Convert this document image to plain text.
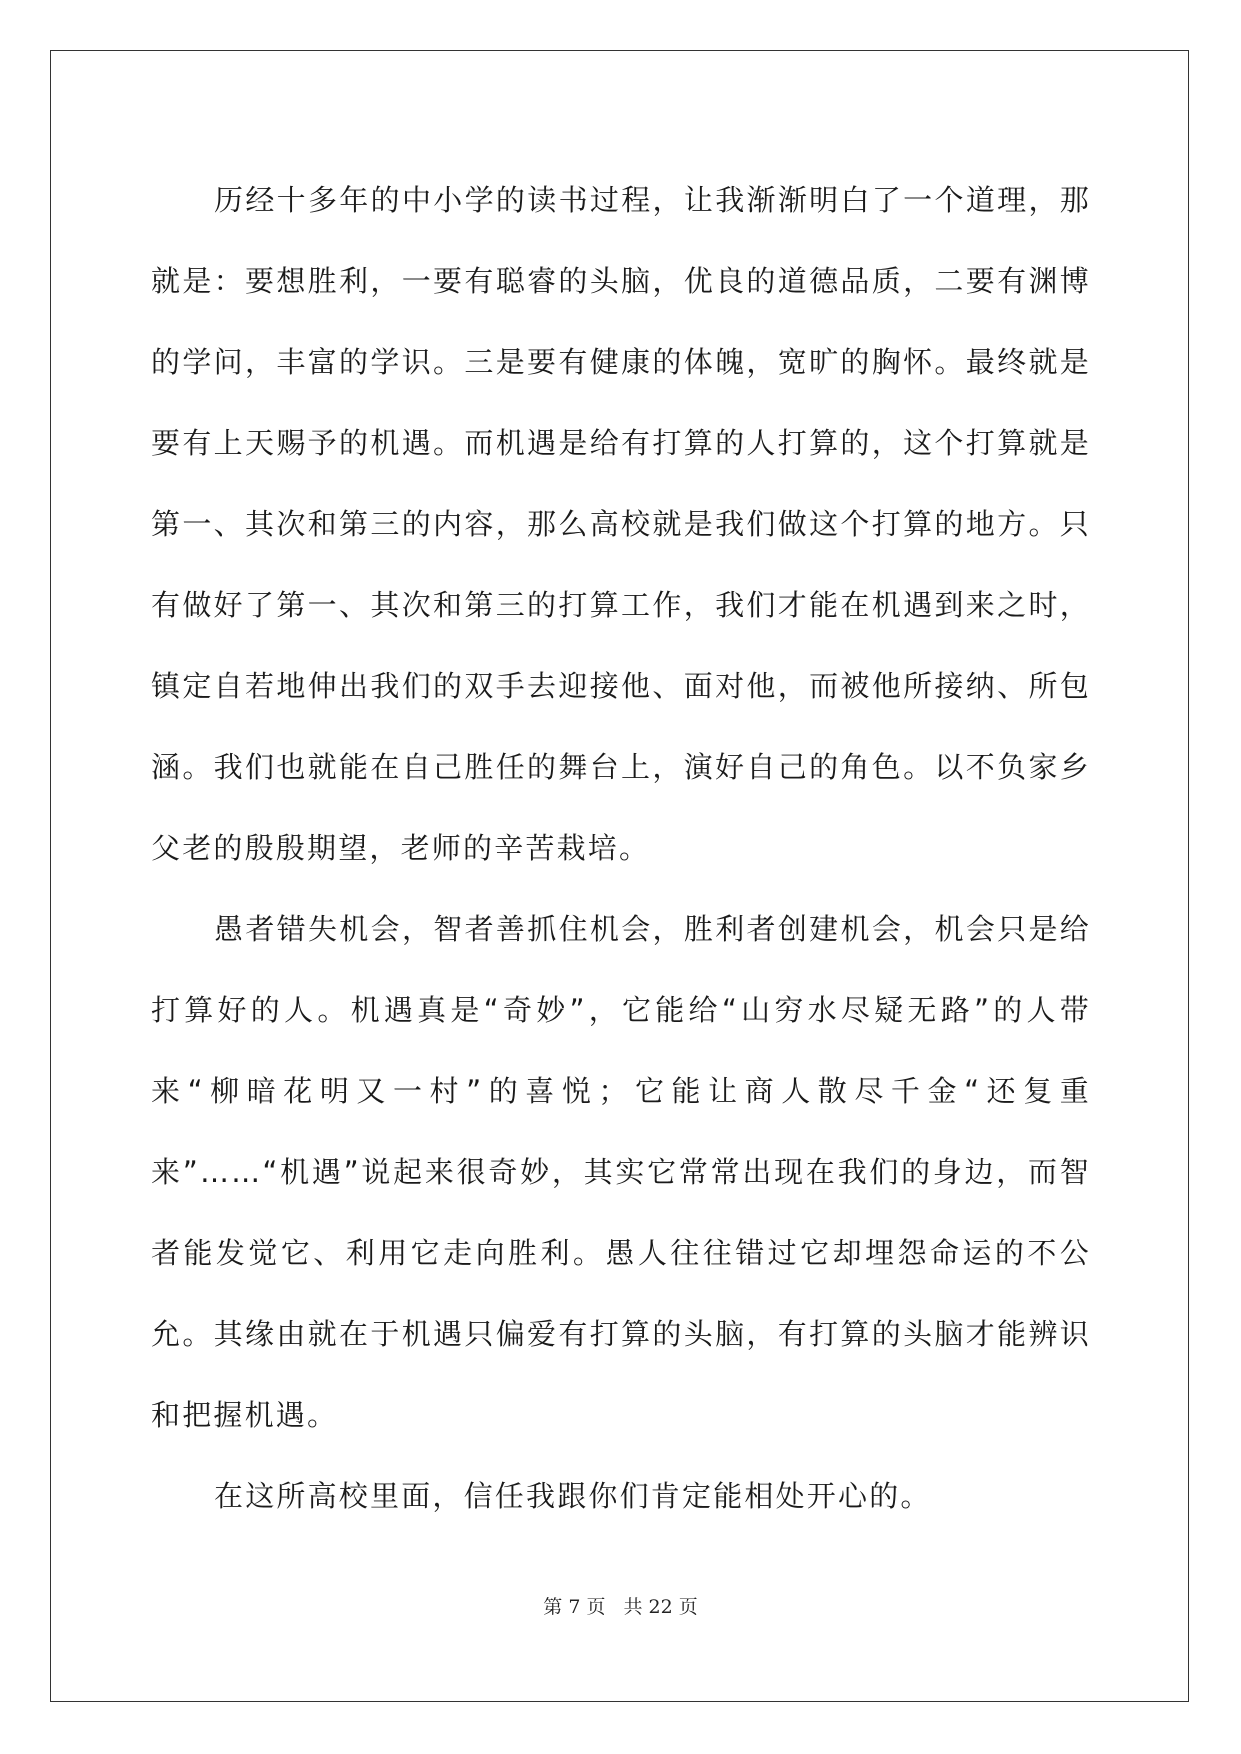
历经十多年的中小学的读书过程，让我渐渐明白了一个道理，那就是：要想胜利，一要有聪睿的头脑，优良的道德品质，二要有渊博的学问，丰富的学识。三是要有健康的体魄，宽旷的胸怀。最终就是要有上天赐予的机遇。而机遇是给有打算的人打算的，这个打算就是第一、其次和第三的内容，那么高校就是我们做这个打算的地方。只有做好了第一、其次和第三的打算工作，我们才能在机遇到来之时，镇定自若地伸出我们的双手去迎接他、面对他，而被他所接纳、所包涵。我们也就能在自己胜任的舞台上，演好自己的角色。以不负家乡父老的殷殷期望，老师的辛苦栽培。

愚者错失机会，智者善抓住机会，胜利者创建机会，机会只是给打算好的人。机遇真是“奇妙”，它能给“山穷水尽疑无路”的人带来“柳暗花明又一村”的喜悦；它能让商人散尽千金“还复重来”……“机遇”说起来很奇妙，其实它常常出现在我们的身边，而智者能发觉它、利用它走向胜利。愚人往往错过它却埋怨命运的不公允。其缘由就在于机遇只偏爱有打算的头脑，有打算的头脑才能辨识和把握机遇。

在这所高校里面，信任我跟你们肯定能相处开心的。

第 7 页 共 22 页
